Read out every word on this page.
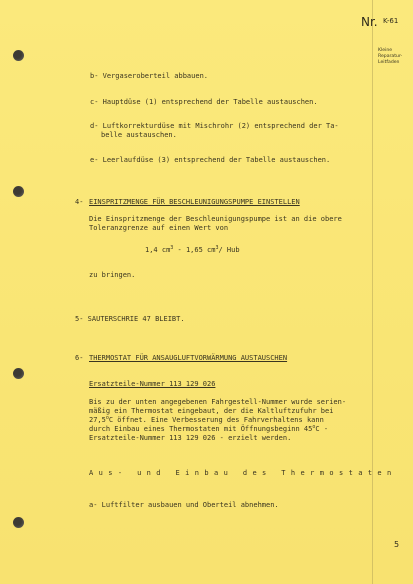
Nr. K-61
Kleine
Reparatur-
Leitfaden
b- Vergaseroberteil abbauen.
c- Hauptdüse (1) entsprechend der Tabelle austauschen.
d- Luftkorrekturdüse mit Mischrohr (2) entsprechend der Ta-
belle austauschen.
e- Leerlaufdüse (3) entsprechend der Tabelle austauschen.
4- EINSPRITZMENGE FÜR BESCHLEUNIGUNGSPUMPE EINSTELLEN
Die Einspritzmenge der Beschleunigungspumpe ist an die obere
Toleranzgrenze auf einen Wert von
1,4 $cm^3 - 1,65$ $cm^3/$ Hub
zu bringen.
5- SAUTERSCHRIE 47 BLEIBT.
6- THERMOSTAT FÜR ANSAUGLUFTVORWÄRMUNG AUSTAUSCHEN
Ersatzteile-Nummer 113 129 026
Bis zu der unten angegebenen Fahrgestell-Nummer wurde serien-
mäßig ein Thermostat eingebaut, der die Kaltluftzufuhr bei
27,5$^o$C öffnet. Eine Verbesserung des Fahrverhaltens kann
durch Einbau eines Thermostaten mit Öffnungsbeginn 45$^o$C -
Ersatzteile-Nummer 113 129 026 - erzielt werden.
Aus- und Einbau des Thermostaten
a- Luftfilter ausbauen und Oberteil abnehmen.
5
